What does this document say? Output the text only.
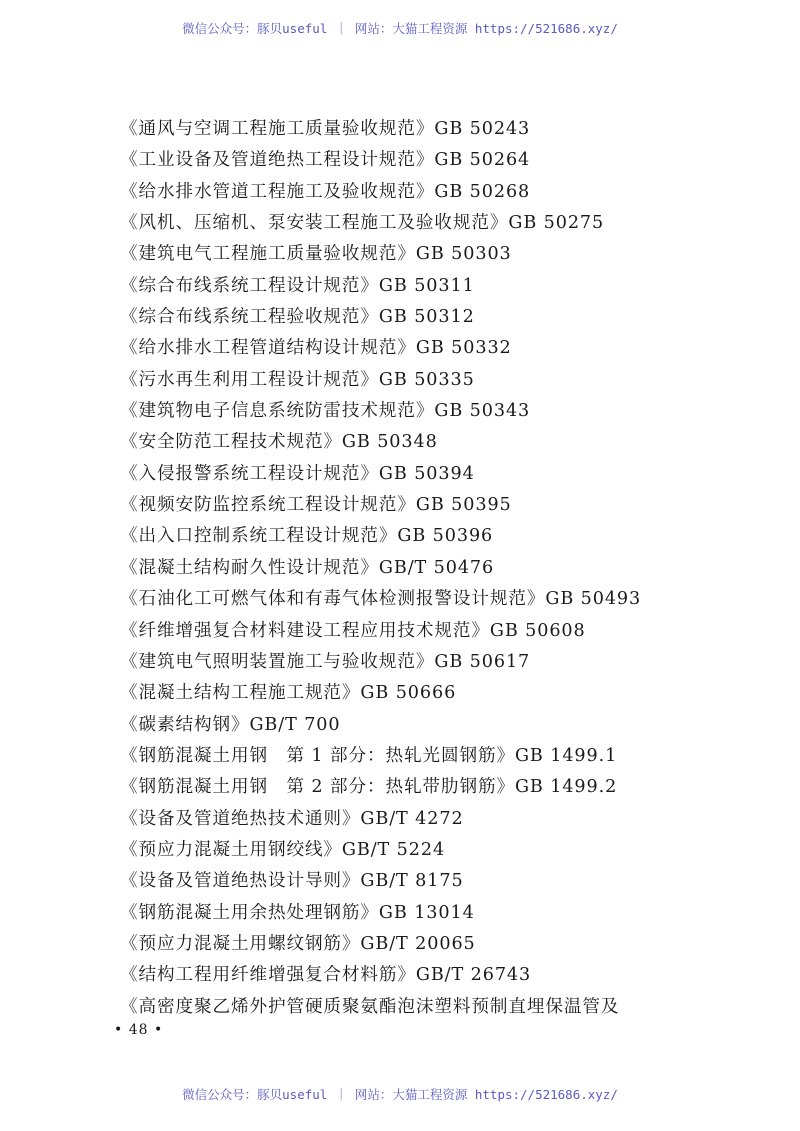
微信公众号：豚贝useful ｜ 网站：大猫工程资源 https://521686.xyz/
《通风与空调工程施工质量验收规范》GB 50243
《工业设备及管道绝热工程设计规范》GB 50264
《给水排水管道工程施工及验收规范》GB 50268
《风机、压缩机、泵安装工程施工及验收规范》GB 50275
《建筑电气工程施工质量验收规范》GB 50303
《综合布线系统工程设计规范》GB 50311
《综合布线系统工程验收规范》GB 50312
《给水排水工程管道结构设计规范》GB 50332
《污水再生利用工程设计规范》GB 50335
《建筑物电子信息系统防雷技术规范》GB 50343
《安全防范工程技术规范》GB 50348
《入侵报警系统工程设计规范》GB 50394
《视频安防监控系统工程设计规范》GB 50395
《出入口控制系统工程设计规范》GB 50396
《混凝土结构耐久性设计规范》GB/T 50476
《石油化工可燃气体和有毒气体检测报警设计规范》GB 50493
《纤维增强复合材料建设工程应用技术规范》GB 50608
《建筑电气照明装置施工与验收规范》GB 50617
《混凝土结构工程施工规范》GB 50666
《碳素结构钢》GB/T 700
《钢筋混凝土用钢　第 1 部分：热轧光圆钢筋》GB 1499.1
《钢筋混凝土用钢　第 2 部分：热轧带肋钢筋》GB 1499.2
《设备及管道绝热技术通则》GB/T 4272
《预应力混凝土用钢绞线》GB/T 5224
《设备及管道绝热设计导则》GB/T 8175
《钢筋混凝土用余热处理钢筋》GB 13014
《预应力混凝土用螺纹钢筋》GB/T 20065
《结构工程用纤维增强复合材料筋》GB/T 26743
《高密度聚乙烯外护管硬质聚氨酯泡沫塑料预制直埋保温管及
• 48 •
微信公众号：豚贝useful ｜ 网站：大猫工程资源 https://521686.xyz/
